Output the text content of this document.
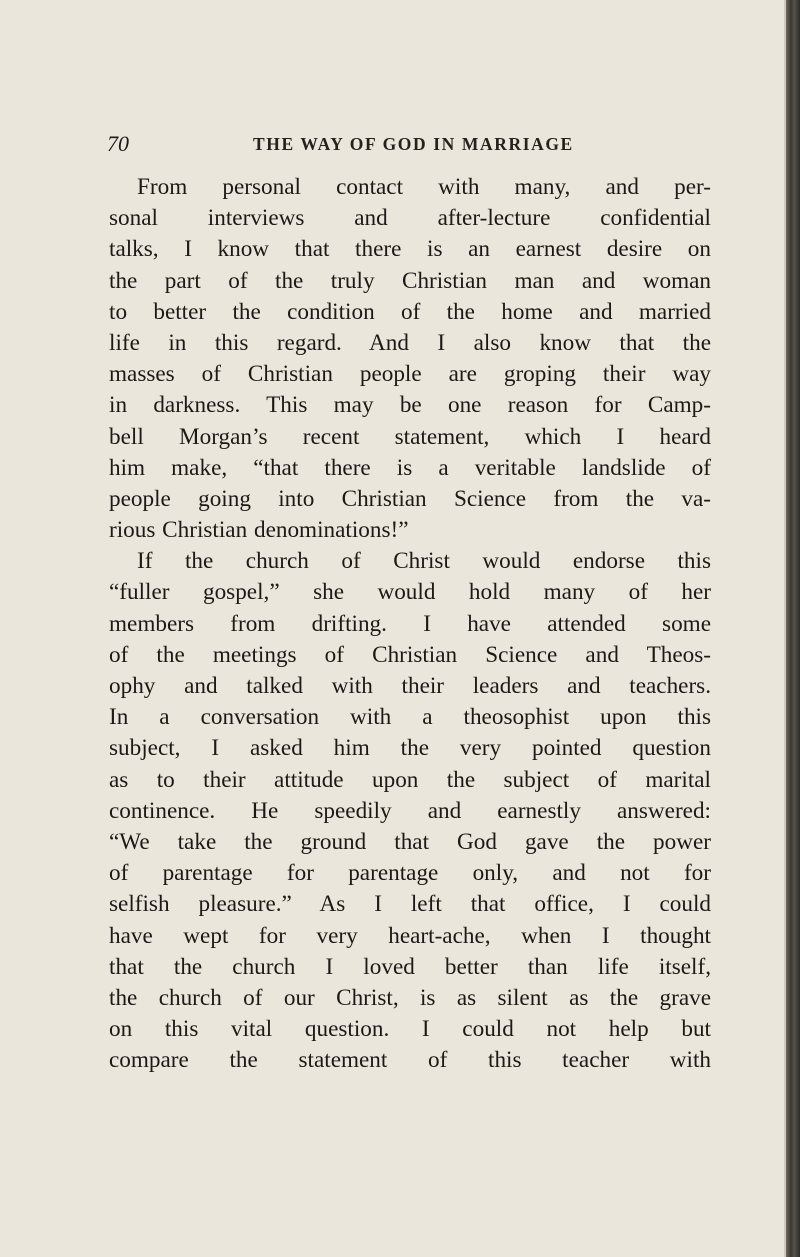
70	THE WAY OF GOD IN MARRIAGE
From personal contact with many, and per-
sonal interviews and after-lecture confidential
talks, I know that there is an earnest desire on
the part of the truly Christian man and woman
to better the condition of the home and married
life in this regard. And I also know that the
masses of Christian people are groping their way
in darkness. This may be one reason for Camp-
bell Morgan’s recent statement, which I heard
him make, “that there is a veritable landslide of
people going into Christian Science from the va-
rious Christian denominations!”
If the church of Christ would endorse this
“fuller gospel,” she would hold many of her
members from drifting. I have attended some
of the meetings of Christian Science and Theos-
ophy and talked with their leaders and teachers.
In a conversation with a theosophist upon this
subject, I asked him the very pointed question
as to their attitude upon the subject of marital
continence. He speedily and earnestly answered:
“We take the ground that God gave the power
of parentage for parentage only, and not for
selfish pleasure.” As I left that office, I could
have wept for very heart-ache, when I thought
that the church I loved better than life itself,
the church of our Christ, is as silent as the grave
on this vital question. I could not help but
compare the statement of this teacher with
